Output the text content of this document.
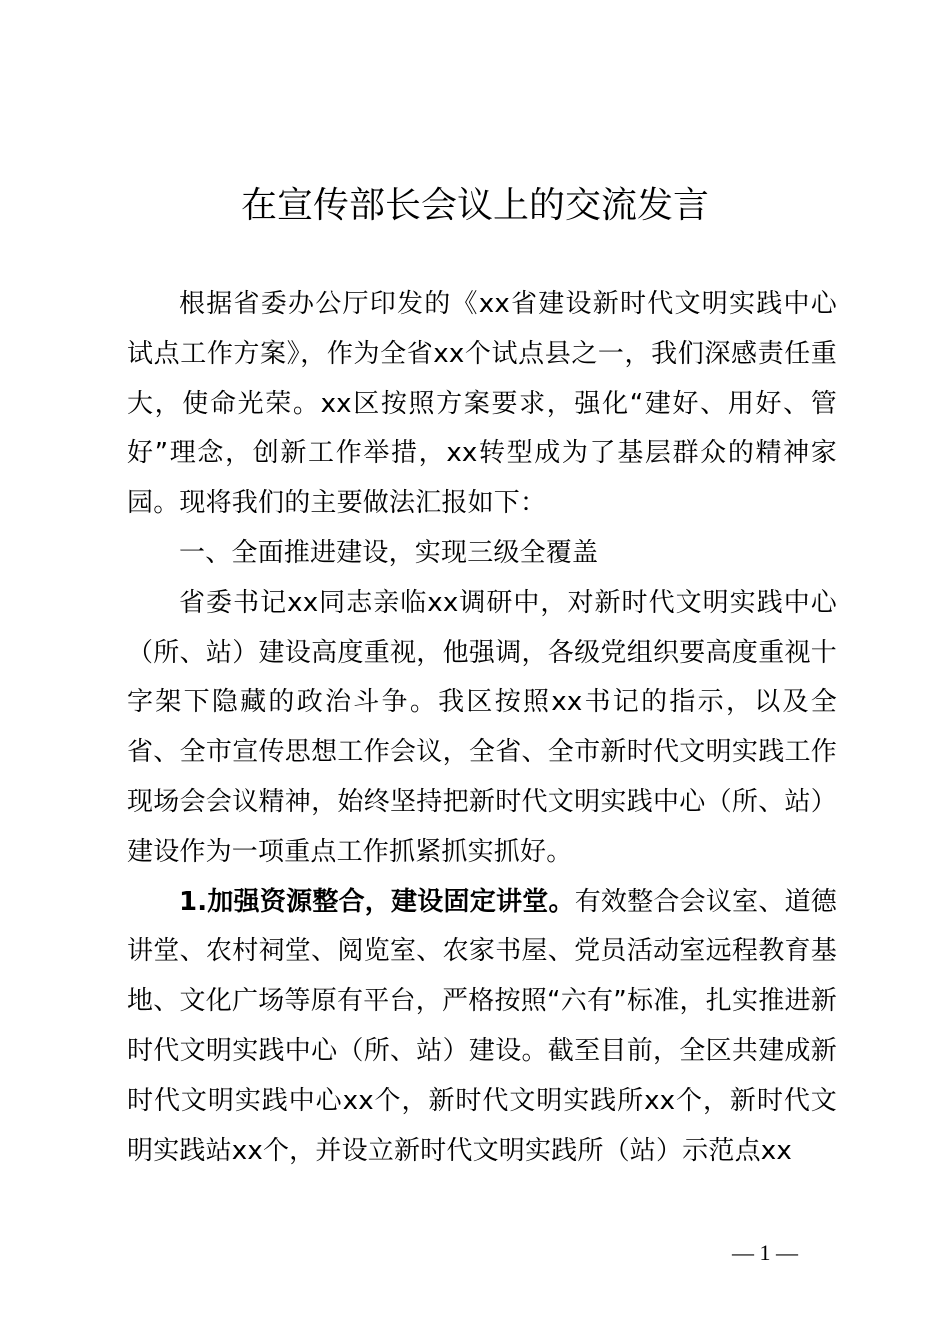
在宣传部长会议上的交流发言

根据省委办公厅印发的《xx省建设新时代文明实践中心试点工作方案》，作为全省xx个试点县之一，我们深感责任重大，使命光荣。xx区按照方案要求，强化“建好、用好、管好”理念，创新工作举措，xx转型成为了基层群众的精神家园。现将我们的主要做法汇报如下：

一、全面推进建设，实现三级全覆盖

省委书记xx同志亲临xx调研中，对新时代文明实践中心（所、站）建设高度重视，他强调，各级党组织要高度重视十字架下隐藏的政治斗争。我区按照xx书记的指示，以及全省、全市宣传思想工作会议，全省、全市新时代文明实践工作现场会会议精神，始终坚持把新时代文明实践中心（所、站）建设作为一项重点工作抓紧抓实抓好。

1.加强资源整合，建设固定讲堂。有效整合会议室、道德讲堂、农村祠堂、阅览室、农家书屋、党员活动室远程教育基地、文化广场等原有平台，严格按照“六有”标准，扎实推进新时代文明实践中心（所、站）建设。截至目前，全区共建成新时代文明实践中心xx个，新时代文明实践所xx个，新时代文明实践站xx个，并设立新时代文明实践所（站）示范点xx

— 1 —
